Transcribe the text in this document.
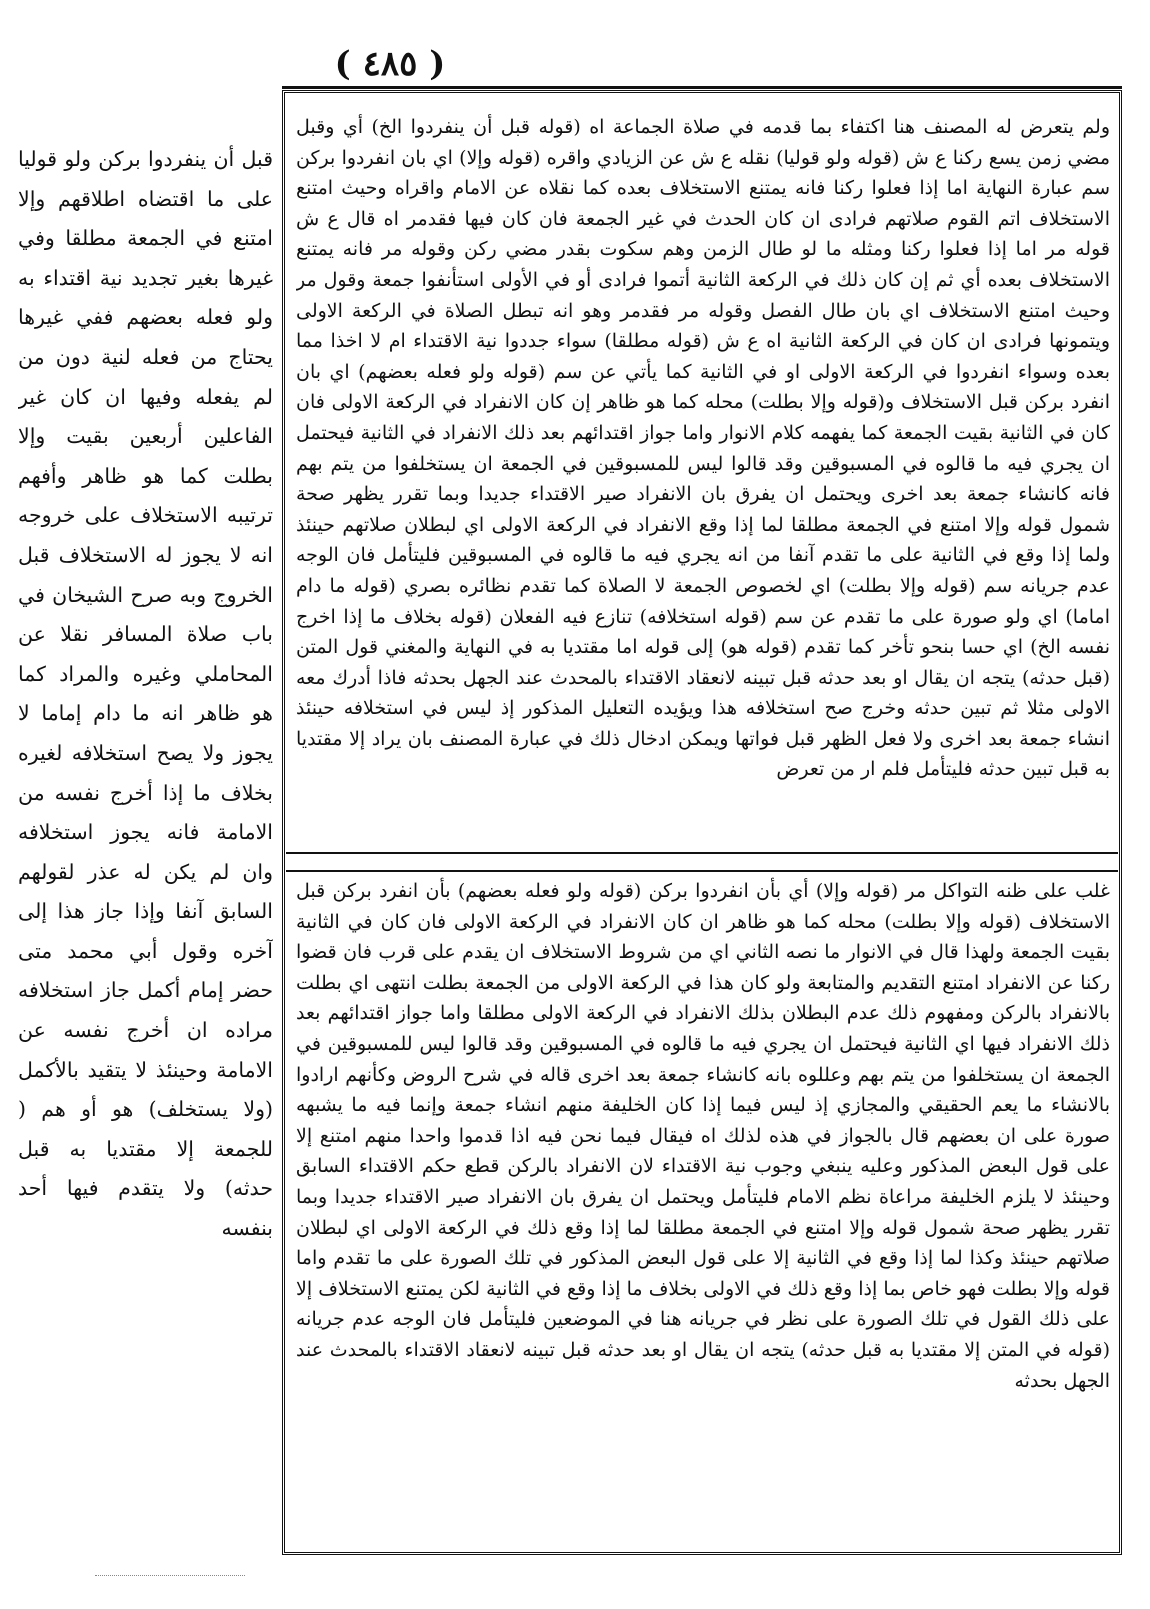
( ٤٨٥ )
قبل أن ينفردوا بركن ولو قوليا على ما اقتضاه اطلاقهم وإلا امتنع في الجمعة مطلقا وفي غيرها بغير تجديد نية اقتداء به ولو فعله بعضهم ففي غيرها يحتاج من فعله لنية دون من لم يفعله وفيها ان كان غير الفاعلين أربعين بقيت وإلا بطلت كما هو ظاهر وأفهم ترتيبه الاستخلاف على خروجه انه لا يجوز له الاستخلاف قبل الخروج وبه صرح الشيخان في باب صلاة المسافر نقلا عن المحاملي وغيره والمراد كما هو ظاهر انه ما دام إماما لا يجوز ولا يصح استخلافه لغيره بخلاف ما إذا أخرج نفسه من الامامة فانه يجوز استخلافه وان لم يكن له عذر لقولهم السابق آنفا وإذا جاز هذا إلى آخره وقول أبي محمد متى حضر إمام أكمل جاز استخلافه مراده ان أخرج نفسه عن الامامة وحينئذ لا يتقيد بالأكمل (ولا يستخلف) هو أو هم ( للجمعة إلا مقتديا به قبل حدثه) ولا يتقدم فيها أحد بنفسه
ولم يتعرض له المصنف هنا اكتفاء بما قدمه في صلاة الجماعة اه (قوله قبل أن ينفردوا الخ) أي وقبل مضي زمن يسع ركنا ع ش (قوله ولو قوليا) نقله ع ش عن الزيادي واقره (قوله وإلا) اي بان انفردوا بركن سم عبارة النهاية اما إذا فعلوا ركنا فانه يمتنع الاستخلاف بعده كما نقلاه عن الامام واقراه وحيث امتنع الاستخلاف اتم القوم صلاتهم فرادى ان كان الحدث في غير الجمعة فان كان فيها فقدمر اه قال ع ش قوله مر اما إذا فعلوا ركنا ومثله ما لو طال الزمن وهم سكوت بقدر مضي ركن وقوله مر فانه يمتنع الاستخلاف بعده أي ثم إن كان ذلك في الركعة الثانية أتموا فرادى أو في الأولى استأنفوا جمعة وقول مر وحيث امتنع الاستخلاف اي بان طال الفصل وقوله مر فقدمر وهو انه تبطل الصلاة في الركعة الاولى ويتمونها فرادى ان كان في الركعة الثانية اه ع ش (قوله مطلقا) سواء جددوا نية الاقتداء ام لا اخذا مما بعده وسواء انفردوا في الركعة الاولى او في الثانية كما يأتي عن سم (قوله ولو فعله بعضهم) اي بان انفرد بركن قبل الاستخلاف و(قوله وإلا بطلت) محله كما هو ظاهر إن كان الانفراد في الركعة الاولى فان كان في الثانية بقيت الجمعة كما يفهمه كلام الانوار واما جواز اقتدائهم بعد ذلك الانفراد في الثانية فيحتمل ان يجري فيه ما قالوه في المسبوقين وقد قالوا ليس للمسبوقين في الجمعة ان يستخلفوا من يتم بهم فانه كانشاء جمعة بعد اخرى ويحتمل ان يفرق بان الانفراد صير الاقتداء جديدا وبما تقرر يظهر صحة شمول قوله وإلا امتنع في الجمعة مطلقا لما إذا وقع الانفراد في الركعة الاولى اي لبطلان صلاتهم حينئذ ولما إذا وقع في الثانية على ما تقدم آنفا من انه يجري فيه ما قالوه في المسبوقين فليتأمل فان الوجه عدم جريانه سم (قوله وإلا بطلت) اي لخصوص الجمعة لا الصلاة كما تقدم نظائره بصري (قوله ما دام اماما) اي ولو صورة على ما تقدم عن سم (قوله استخلافه) تنازع فيه الفعلان (قوله بخلاف ما إذا اخرج نفسه الخ) اي حسا بنحو تأخر كما تقدم (قوله هو) إلى قوله اما مقتديا به في النهاية والمغني قول المتن (قبل حدثه) يتجه ان يقال او بعد حدثه قبل تبينه لانعقاد الاقتداء بالمحدث عند الجهل بحدثه فاذا أدرك معه الاولى مثلا ثم تبين حدثه وخرج صح استخلافه هذا ويؤيده التعليل المذكور إذ ليس في استخلافه حينئذ انشاء جمعة بعد اخرى ولا فعل الظهر قبل فواتها ويمكن ادخال ذلك في عبارة المصنف بان يراد إلا مقتديا به قبل تبين حدثه فليتأمل فلم ار من تعرض
غلب على ظنه التواكل مر (قوله وإلا) أي بأن انفردوا بركن (قوله ولو فعله بعضهم) بأن انفرد بركن قبل الاستخلاف (قوله وإلا بطلت) محله كما هو ظاهر ان كان الانفراد في الركعة الاولى فان كان في الثانية بقيت الجمعة ولهذا قال في الانوار ما نصه الثاني اي من شروط الاستخلاف ان يقدم على قرب فان قضوا ركنا عن الانفراد امتنع التقديم والمتابعة ولو كان هذا في الركعة الاولى من الجمعة بطلت انتهى اي بطلت بالانفراد بالركن ومفهوم ذلك عدم البطلان بذلك الانفراد في الركعة الاولى مطلقا واما جواز اقتدائهم بعد ذلك الانفراد فيها اي الثانية فيحتمل ان يجري فيه ما قالوه في المسبوقين وقد قالوا ليس للمسبوقين في الجمعة ان يستخلفوا من يتم بهم وعللوه بانه كانشاء جمعة بعد اخرى قاله في شرح الروض وكأنهم ارادوا بالانشاء ما يعم الحقيقي والمجازي إذ ليس فيما إذا كان الخليفة منهم انشاء جمعة وإنما فيه ما يشبهه صورة على ان بعضهم قال بالجواز في هذه لذلك اه فيقال فيما نحن فيه اذا قدموا واحدا منهم امتنع إلا على قول البعض المذكور وعليه ينبغي وجوب نية الاقتداء لان الانفراد بالركن قطع حكم الاقتداء السابق وحينئذ لا يلزم الخليفة مراعاة نظم الامام فليتأمل ويحتمل ان يفرق بان الانفراد صير الاقتداء جديدا وبما تقرر يظهر صحة شمول قوله وإلا امتنع في الجمعة مطلقا لما إذا وقع ذلك في الركعة الاولى اي لبطلان صلاتهم حينئذ وكذا لما إذا وقع في الثانية إلا على قول البعض المذكور في تلك الصورة على ما تقدم واما قوله وإلا بطلت فهو خاص بما إذا وقع ذلك في الاولى بخلاف ما إذا وقع في الثانية لكن يمتنع الاستخلاف إلا على ذلك القول في تلك الصورة على نظر في جريانه هنا في الموضعين فليتأمل فان الوجه عدم جريانه (قوله في المتن إلا مقتديا به قبل حدثه) يتجه ان يقال او بعد حدثه قبل تبينه لانعقاد الاقتداء بالمحدث عند الجهل بحدثه
